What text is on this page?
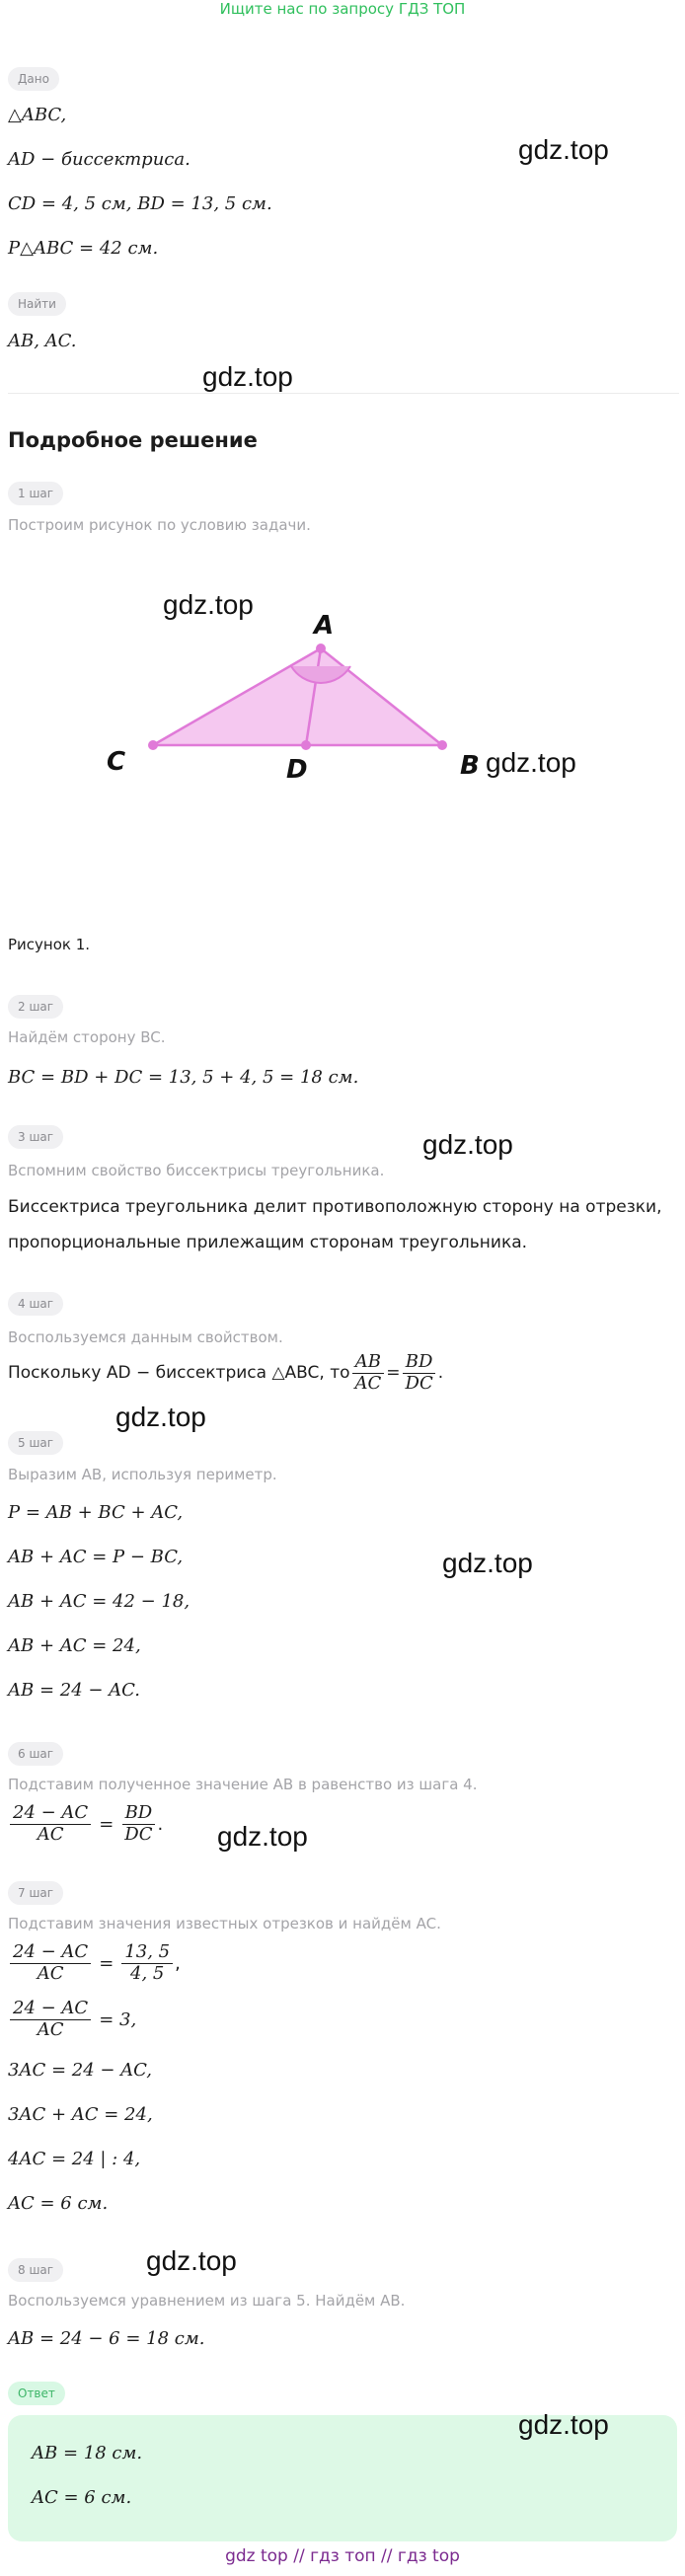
Ищите нас по запросу ГДЗ ТОП
Дано
△ABC,
AD − биссектриса.
CD = 4, 5 см, BD = 13, 5 см.
P△ABC = 42 см.
Найти
AB, AC.
Подробное решение
1 шаг
Построим рисунок по условию задачи.
A
B
C	D
Рисунок 1.
2 шаг
Найдём сторону BC.
BC = BD + DC = 13, 5 + 4, 5 = 18 см.
3 шаг
Вспомним свойство биссектрисы треугольника.
Биссектриса треугольника делит противоположную сторону на отрезки,
пропорциональные прилежащим сторонам треугольника.
4 шаг
Воспользуемся данным свойством.
Поскольку AD − биссектриса △ABC, то $\frac{AB}{AC} = \frac{BD}{DC}$ .
5 шаг
Выразим AB, используя периметр.
P = AB + BC + AC,
AB + AC = P − BC,
AB + AC = 42 − 18,
AB + AC = 24,
AB = 24 − AC.
6 шаг
Подставим полученное значение AB в равенство из шага 4.
$\frac{24 - AC}{AC} = \frac{BD}{DC}$ .
7 шаг
Подставим значения известных отрезков и найдём AC.
$\frac{24 - AC}{AC} = \frac{13, 5}{4, 5}$ ,
$\frac{24 - AC}{AC} = 3$,
3AC = 24 − AC,
3AC + AC = 24,
4AC = 24 | : 4,
AC = 6 см.
8 шаг
Воспользуемся уравнением из шага 5. Найдём AB.
AB = 24 − 6 = 18 см.
Ответ
AB = 18 см.
AC = 6 см.
gdz.top
gdz.top
gdz.top
gdz.top
gdz.top
gdz.top
gdz.top
gdz.top
gdz.top
gdz.top
gdz top // гдз топ // гдз top
